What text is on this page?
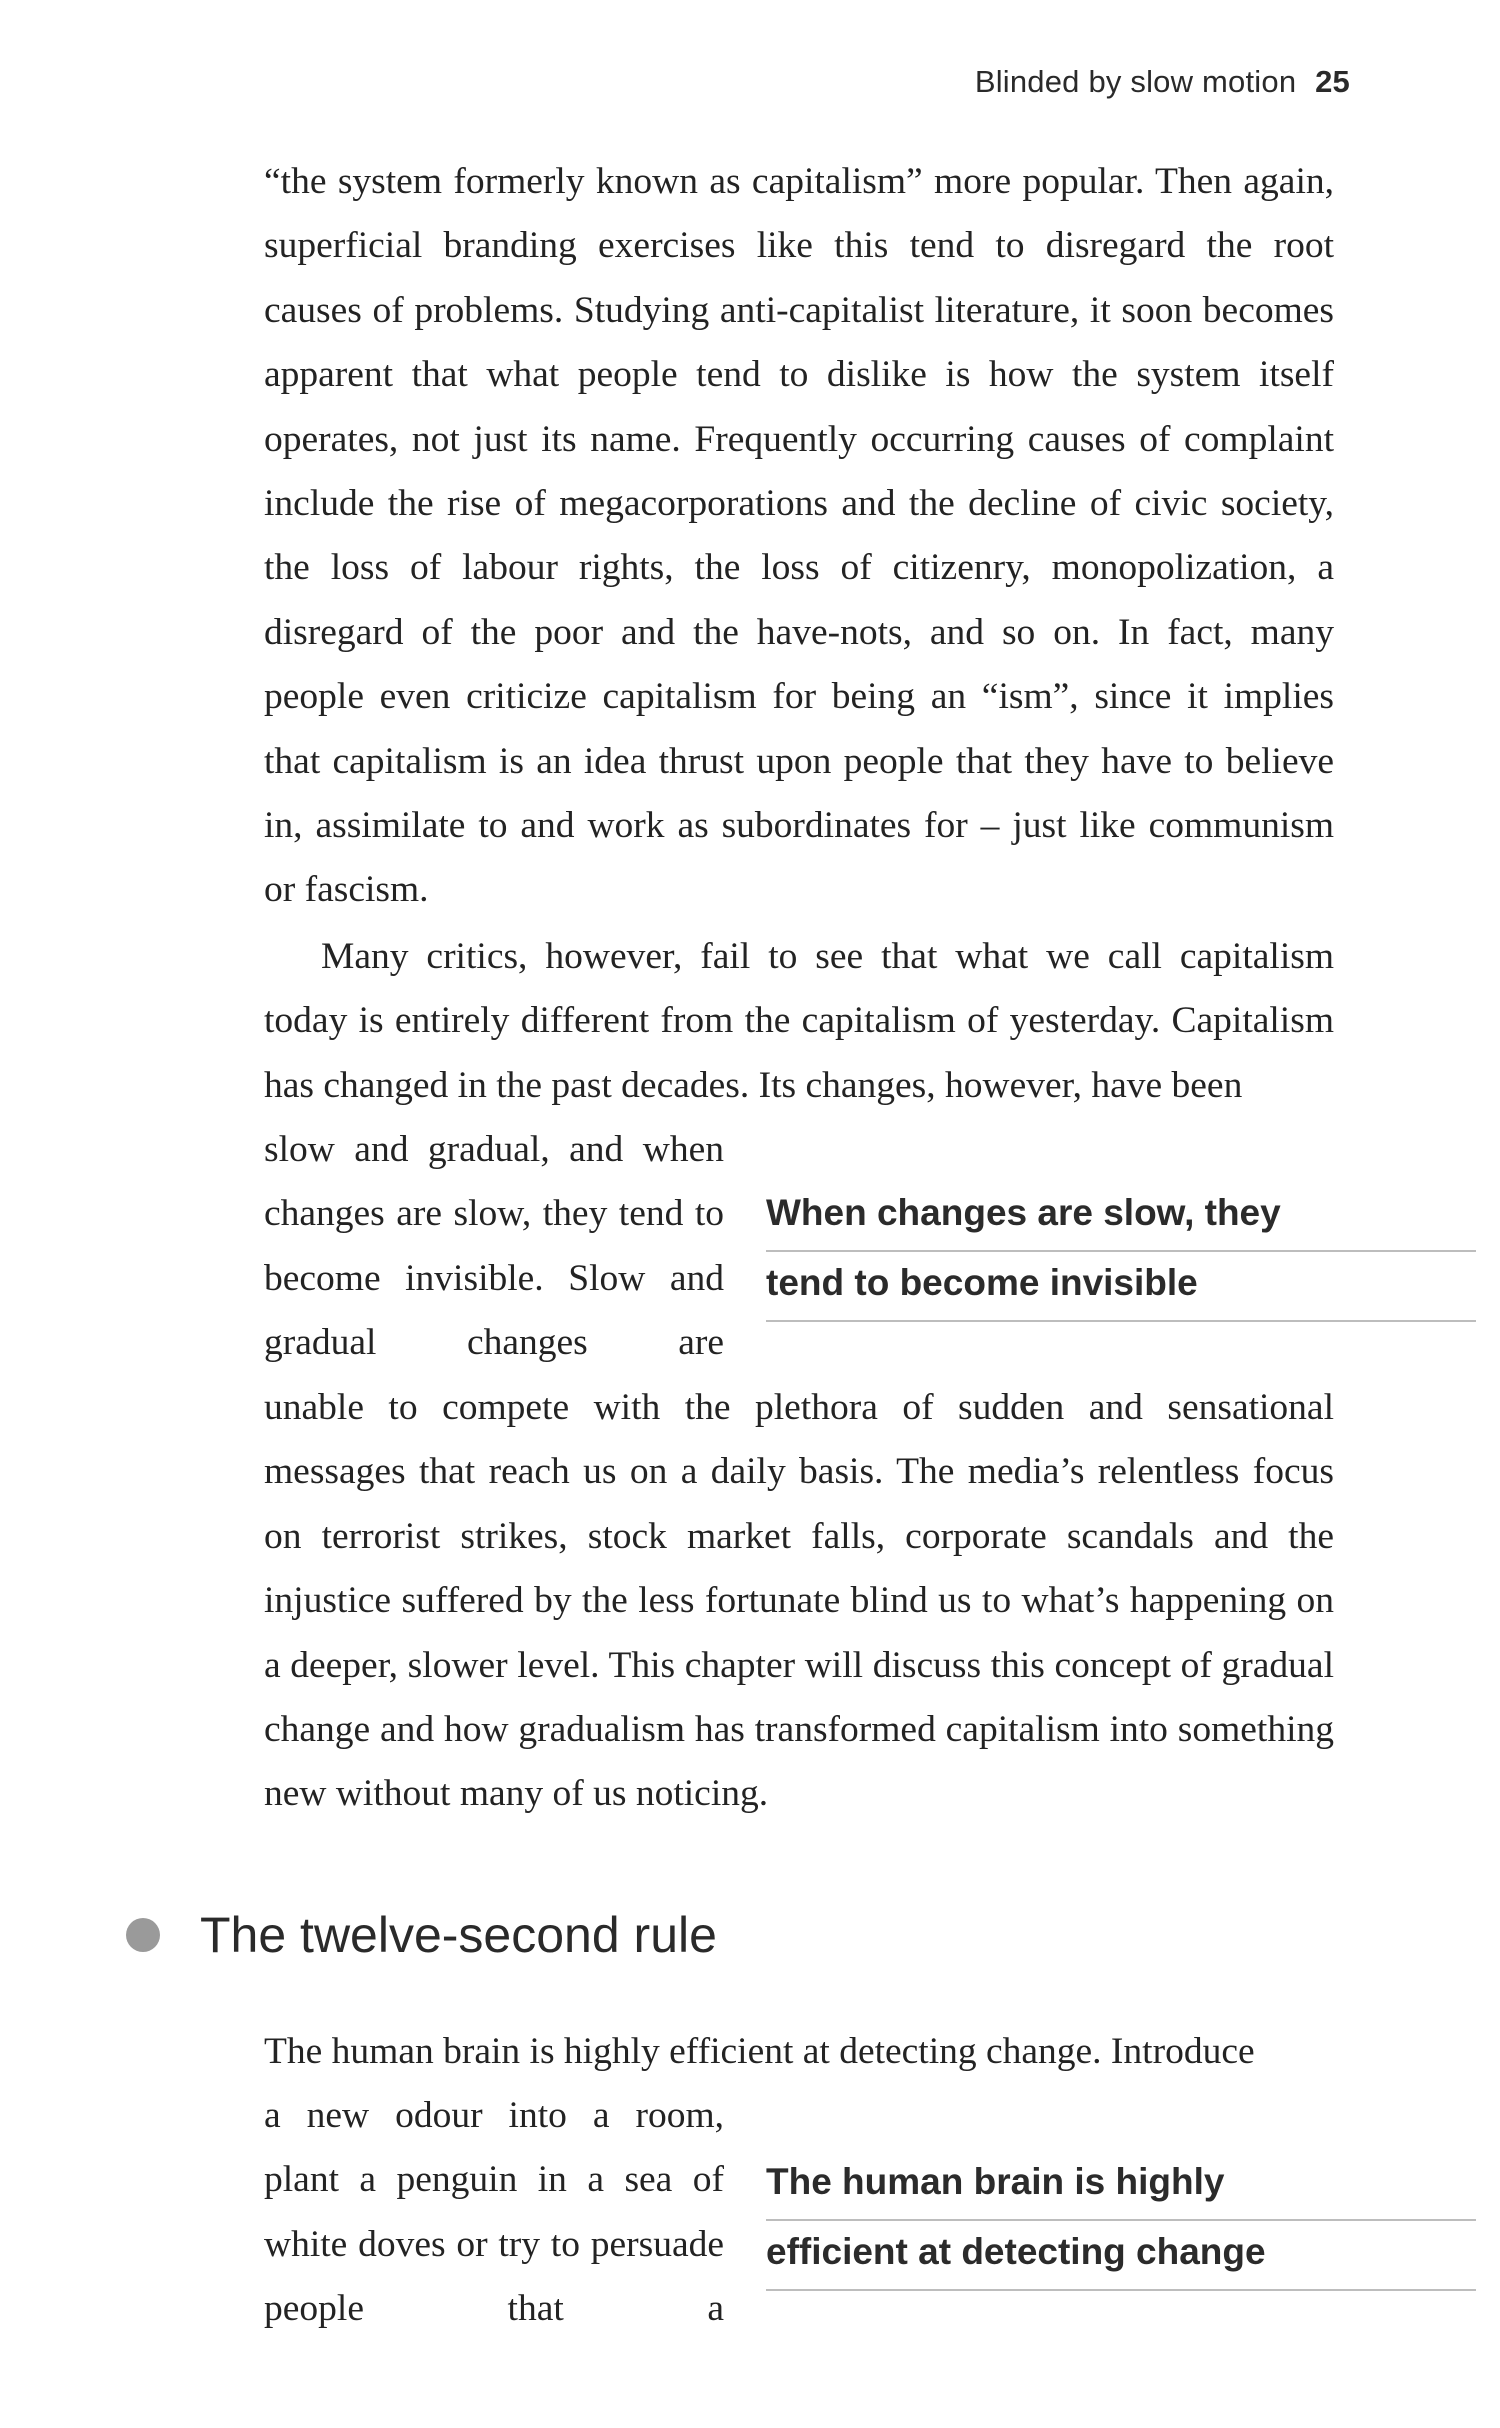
Blinded by slow motion 25

“the system formerly known as capitalism” more popular. Then again, superficial branding exercises like this tend to disregard the root causes of problems. Studying anti-capitalist literature, it soon becomes apparent that what people tend to dislike is how the system itself operates, not just its name. Frequently occurring causes of complaint include the rise of megacorporations and the decline of civic society, the loss of labour rights, the loss of citizenry, monopolization, a disregard of the poor and the have-nots, and so on. In fact, many people even criticize capitalism for being an “ism”, since it implies that capitalism is an idea thrust upon people that they have to believe in, assimilate to and work as subordinates for – just like communism or fascism.

Many critics, however, fail to see that what we call capitalism today is entirely different from the capitalism of yesterday. Capitalism has changed in the past decades. Its changes, however, have been

slow and gradual, and when changes are slow, they tend to become invisible. Slow and gradual changes are

When changes are slow, they
tend to become invisible

unable to compete with the plethora of sudden and sensational messages that reach us on a daily basis. The media’s relentless focus on terrorist strikes, stock market falls, corporate scandals and the injustice suffered by the less fortunate blind us to what’s happening on a deeper, slower level. This chapter will discuss this concept of gradual change and how gradualism has transformed capitalism into something new without many of us noticing.

The twelve-second rule

The human brain is highly efficient at detecting change. Introduce

a new odour into a room, plant a penguin in a sea of white doves or try to persuade people that a

The human brain is highly
efficient at detecting change
